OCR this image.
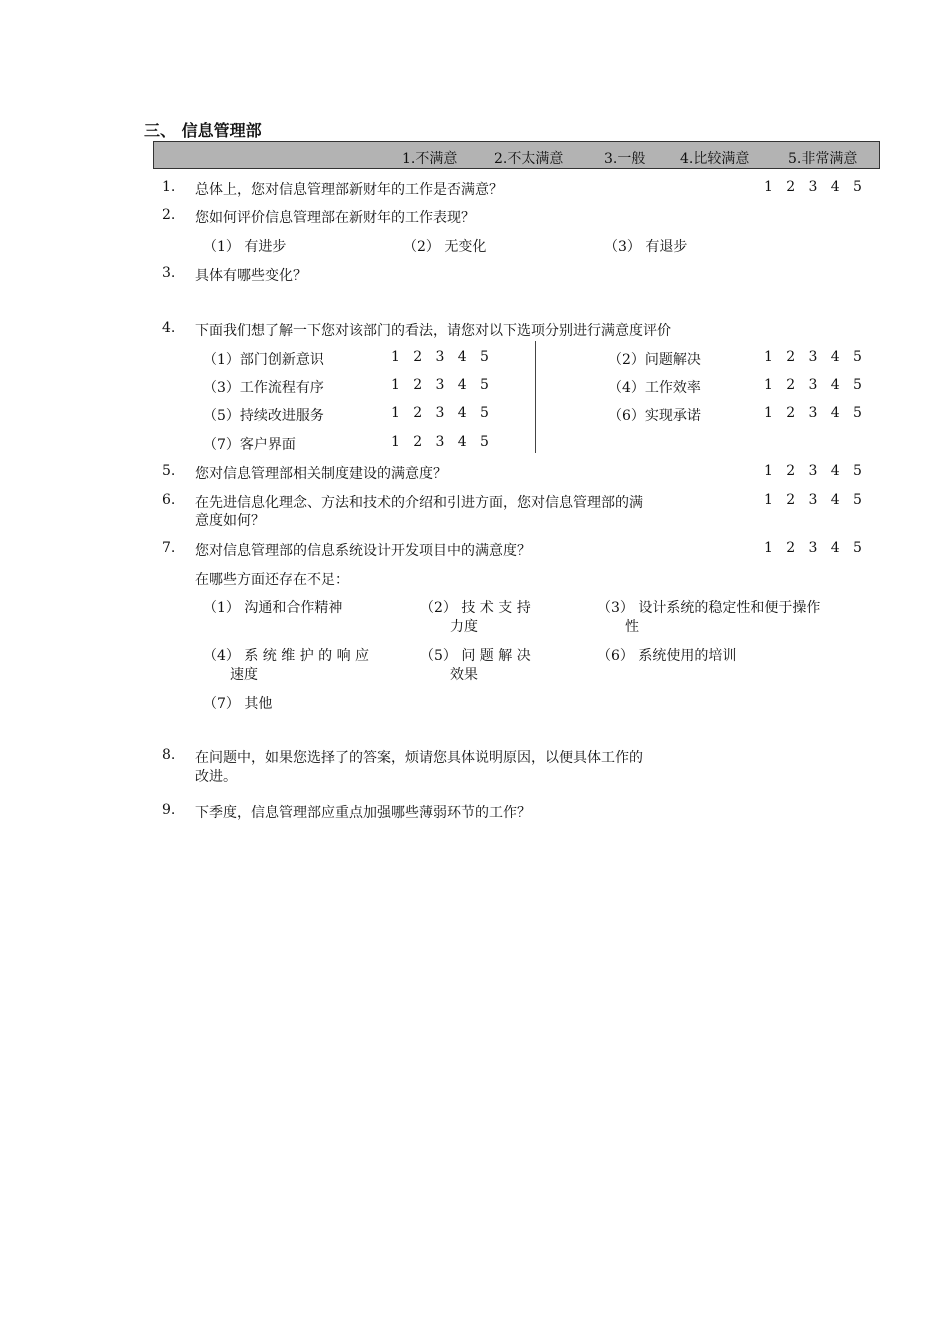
三、 信息管理部
1.不满意	2.不太满意	3.一般 4.比较满意	5.非常满意
1. 总体上，您对信息管理部新财年的工作是否满意？	1   2   3   4   5
2. 您如何评价信息管理部在新财年的工作表现？
（1） 有进步	（2） 无变化	（3） 有退步
3. 具体有哪些变化？
4. 下面我们想了解一下您对该部门的看法，请您对以下选项分别进行满意度评价
（1）部门创新意识	1   2   3   4   5	（2）问题解决	1   2   3   4   5
（3）工作流程有序	1   2   3   4   5	（4）工作效率	1   2   3   4   5
（5）持续改进服务	1   2   3   4   5	（6）实现承诺	1   2   3   4   5
（7）客户界面	1   2   3   4   5
5. 您对信息管理部相关制度建设的满意度？	1   2   3   4   5
6. 在先进信息化理念、方法和技术的介绍和引进方面，您对信息管理部的满
意度如何？
1   2   3   4   5
7. 您对信息管理部的信息系统设计开发项目中的满意度？	1   2   3   4   5
在哪些方面还存在不足：
（1） 沟通和合作精神	（2） 技 术 支 持
力度
（3） 设计系统的稳定性和便于操作
性
（4） 系 统 维 护 的 响 应
速度
（5） 问 题 解 决
效果
（6） 系统使用的培训
（7） 其他
8. 在问题中，如果您选择了的答案，烦请您具体说明原因，以便具体工作的
改进。
9. 下季度，信息管理部应重点加强哪些薄弱环节的工作？
